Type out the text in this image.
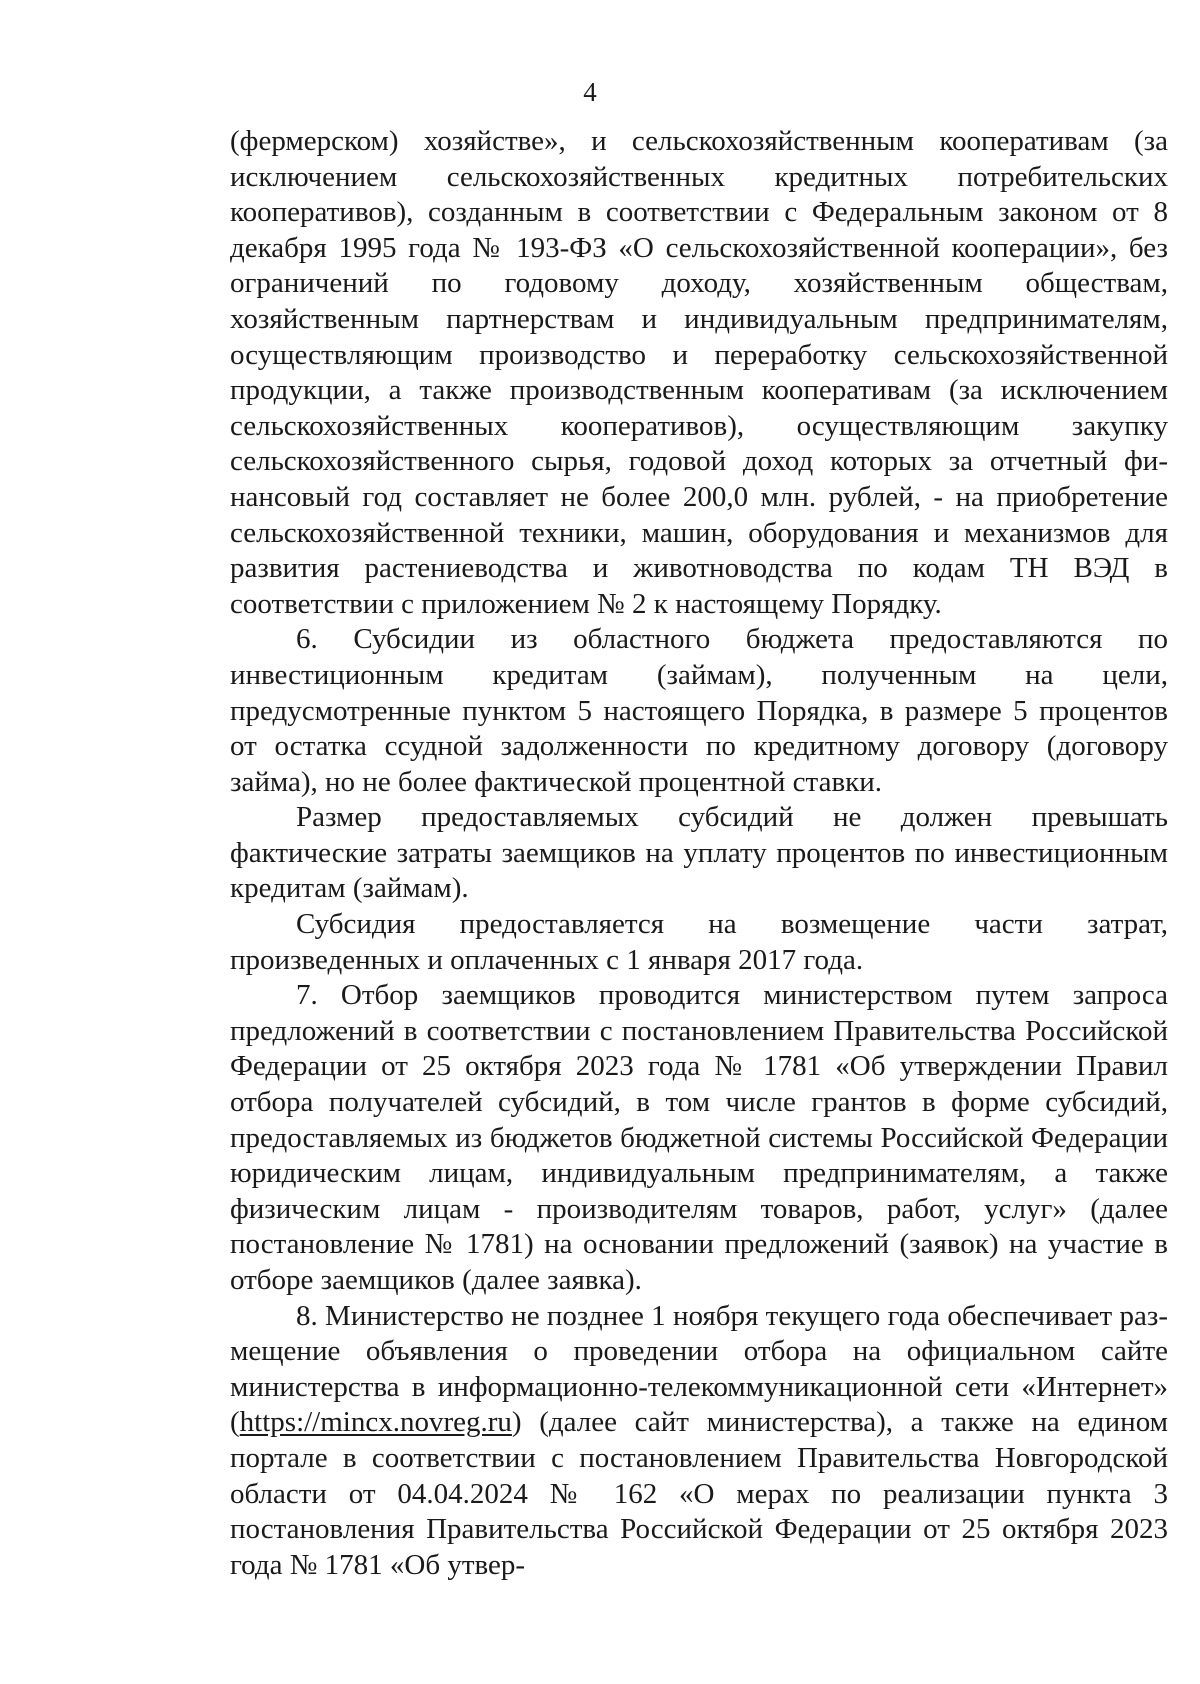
4

(фермерском) хозяйстве», и сельскохозяйственным кооперативам (за исключением сельскохозяйственных кредитных потребительских кооперативов), созданным в соответствии с Федеральным законом от 8 декабря 1995 года № 193-ФЗ «О сельскохозяйственной кооперации», без ограничений по годовому доходу, хозяйственным обществам, хозяйственным партнерствам и индивидуальным предпринимателям, осуществляющим производство и переработку сельскохозяйственной продукции, а также производственным кооперативам (за исключением сельскохозяйственных кооперативов), осуществляющим закупку сельскохозяйственного сырья, годовой доход которых за отчетный финансовый год составляет не более 200,0 млн. рублей, - на приобретение сельскохозяйственной техники, машин, оборудования и механизмов для развития растениеводства и животноводства по кодам ТН ВЭД в соответствии с приложением № 2 к настоящему Порядку.

6. Субсидии из областного бюджета предоставляются по инвестиционным кредитам (займам), полученным на цели, предусмотренные пунктом 5 настоящего Порядка, в размере 5 процентов от остатка ссудной задолженности по кредитному договору (договору займа), но не более фактической процентной ставки.

Размер предоставляемых субсидий не должен превышать фактические затраты заемщиков на уплату процентов по инвестиционным кредитам (займам).

Субсидия предоставляется на возмещение части затрат, произведенных и оплаченных с 1 января 2017 года.

7. Отбор заемщиков проводится министерством путем запроса предложений в соответствии с постановлением Правительства Российской Федерации от 25 октября 2023 года № 1781 «Об утверждении Правил отбора получателей субсидий, в том числе грантов в форме субсидий, предоставляемых из бюджетов бюджетной системы Российской Федерации юридическим лицам, индивидуальным предпринимателям, а также физическим лицам - производителям товаров, работ, услуг» (далее постановление № 1781) на основании предложений (заявок) на участие в отборе заемщиков (далее заявка).

8. Министерство не позднее 1 ноября текущего года обеспечивает размещение объявления о проведении отбора на официальном сайте министерства в информационно-телекоммуникационной сети «Интернет» (https://mincx.novreg.ru) (далее сайт министерства), а также на едином портале в соответствии с постановлением Правительства Новгородской области от 04.04.2024 № 162 «О мерах по реализации пункта 3 постановления Правительства Российской Федерации от 25 октября 2023 года № 1781 «Об утвер-
